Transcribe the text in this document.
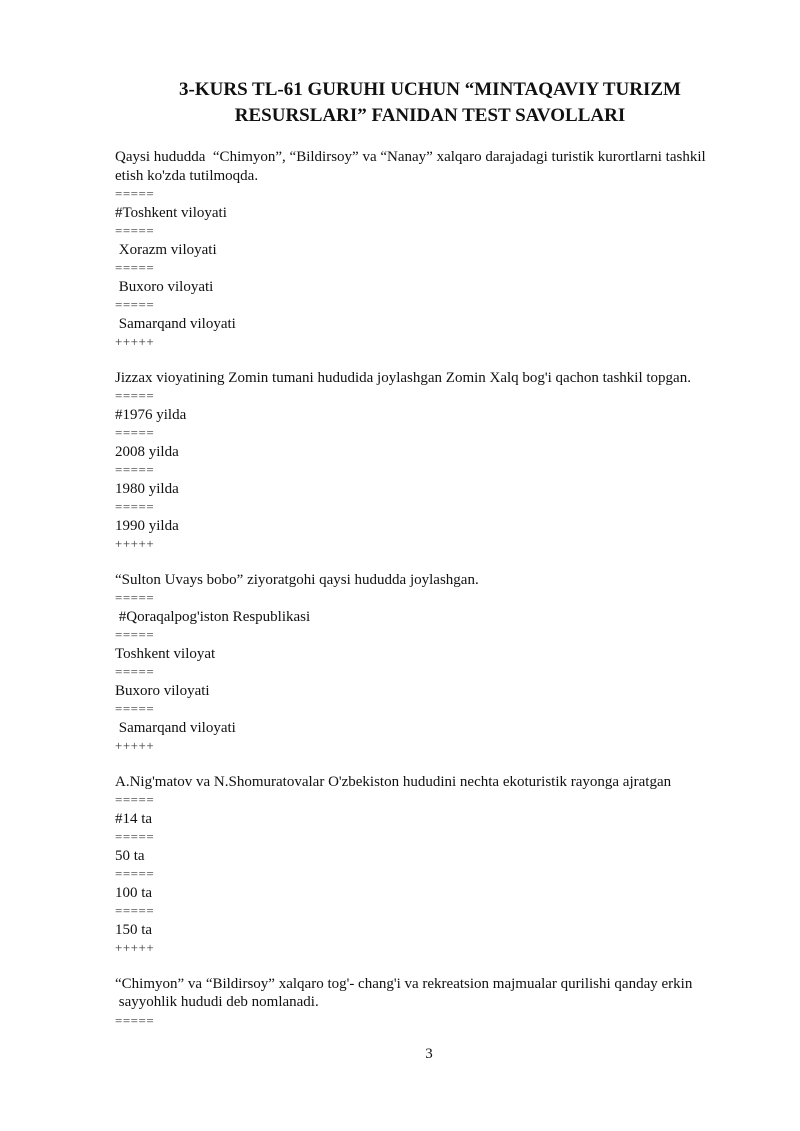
3-KURS TL-61 GURUHI UCHUN “MINTAQAVIY TURIZM
RESURSLARI” FANIDAN TEST SAVOLLARI

Qaysi hududda  “Chimyon”, “Bildirsoy” va “Nanay” xalqaro darajadagi turistik kurortlarni tashkil

etish ko'zda tutilmoqda.

=====

#Toshkent viloyati

=====

Xorazm viloyati

=====

Buxoro viloyati

=====

Samarqand viloyati

+++++

Jizzax vioyatining Zomin tumani hududida joylashgan Zomin Xalq bog'i qachon tashkil topgan.

=====

#1976 yilda

=====

2008 yilda

=====

1980 yilda

=====

1990 yilda

+++++

“Sulton Uvays bobo” ziyoratgohi qaysi hududda joylashgan.

=====

#Qoraqalpog'iston Respublikasi

=====

Toshkent viloyat

=====

Buxoro viloyati

=====

Samarqand viloyati

+++++

A.Nig'matov va N.Shomuratovalar O'zbekiston hududini nechta ekoturistik rayonga ajratgan

=====

#14 ta

=====

50 ta

=====

100 ta

=====

150 ta

+++++

“Chimyon” va “Bildirsoy” xalqaro tog'- chang'i va rekreatsion majmualar qurilishi qanday erkin

sayyohlik hududi deb nomlanadi.

=====

3
